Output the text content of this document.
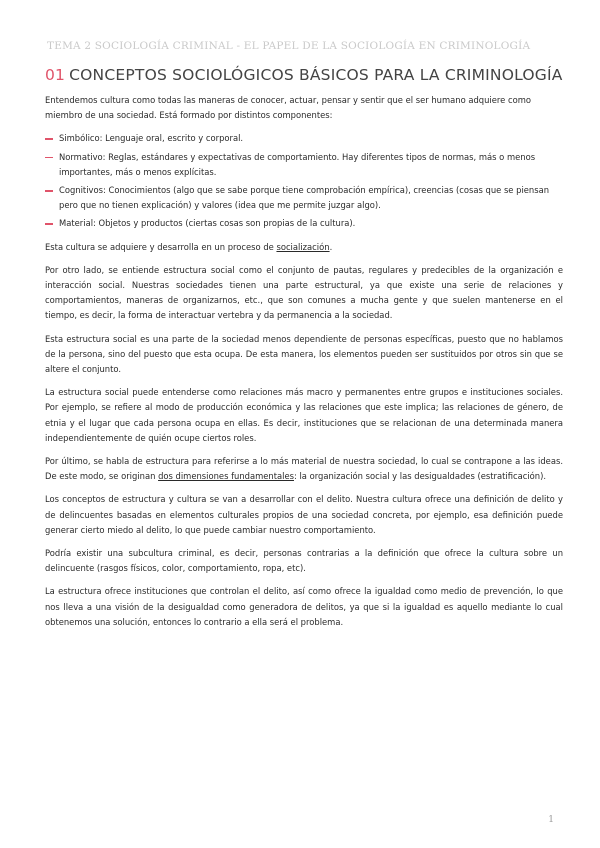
TEMA 2 SOCIOLOGÍA CRIMINAL - EL PAPEL DE LA SOCIOLOGÍA EN CRIMINOLOGÍA
01 CONCEPTOS SOCIOLÓGICOS BÁSICOS PARA LA CRIMINOLOGÍA

Entendemos cultura como todas las maneras de conocer, actuar, pensar y sentir que el ser humano adquiere como miembro de una sociedad. Está formado por distintos componentes:

Simbólico: Lenguaje oral, escrito y corporal.
Normativo: Reglas, estándares y expectativas de comportamiento. Hay diferentes tipos de normas, más o menos importantes, más o menos explícitas.
Cognitivos: Conocimientos (algo que se sabe porque tiene comprobación empírica), creencias (cosas que se piensan pero que no tienen explicación) y valores (idea que me permite juzgar algo).
Material: Objetos y productos (ciertas cosas son propias de la cultura).

Esta cultura se adquiere y desarrolla en un proceso de socialización.

Por otro lado, se entiende estructura social como el conjunto de pautas, regulares y predecibles de la organización e interacción social. Nuestras sociedades tienen una parte estructural, ya que existe una serie de relaciones y comportamientos, maneras de organizarnos, etc., que son comunes a mucha gente y que suelen mantenerse en el tiempo, es decir, la forma de interactuar vertebra y da permanencia a la sociedad.

Esta estructura social es una parte de la sociedad menos dependiente de personas específicas, puesto que no hablamos de la persona, sino del puesto que esta ocupa. De esta manera, los elementos pueden ser sustituidos por otros sin que se altere el conjunto.

La estructura social puede entenderse como relaciones más macro y permanentes entre grupos e instituciones sociales. Por ejemplo, se refiere al modo de producción económica y las relaciones que este implica; las relaciones de género, de etnia y el lugar que cada persona ocupa en ellas. Es decir, instituciones que se relacionan de una determinada manera independientemente de quién ocupe ciertos roles.

Por último, se habla de estructura para referirse a lo más material de nuestra sociedad, lo cual se contrapone a las ideas. De este modo, se originan dos dimensiones fundamentales: la organización social y las desigualdades (estratificación).

Los conceptos de estructura y cultura se van a desarrollar con el delito. Nuestra cultura ofrece una definición de delito y de delincuentes basadas en elementos culturales propios de una sociedad concreta, por ejemplo, esa definición puede generar cierto miedo al delito, lo que puede cambiar nuestro comportamiento.

Podría existir una subcultura criminal, es decir, personas contrarias a la definición que ofrece la cultura sobre un delincuente (rasgos físicos, color, comportamiento, ropa, etc).

La estructura ofrece instituciones que controlan el delito, así como ofrece la igualdad como medio de prevención, lo que nos lleva a una visión de la desigualdad como generadora de delitos, ya que si la igualdad es aquello mediante lo cual obtenemos una solución, entonces lo contrario a ella será el problema.

1
